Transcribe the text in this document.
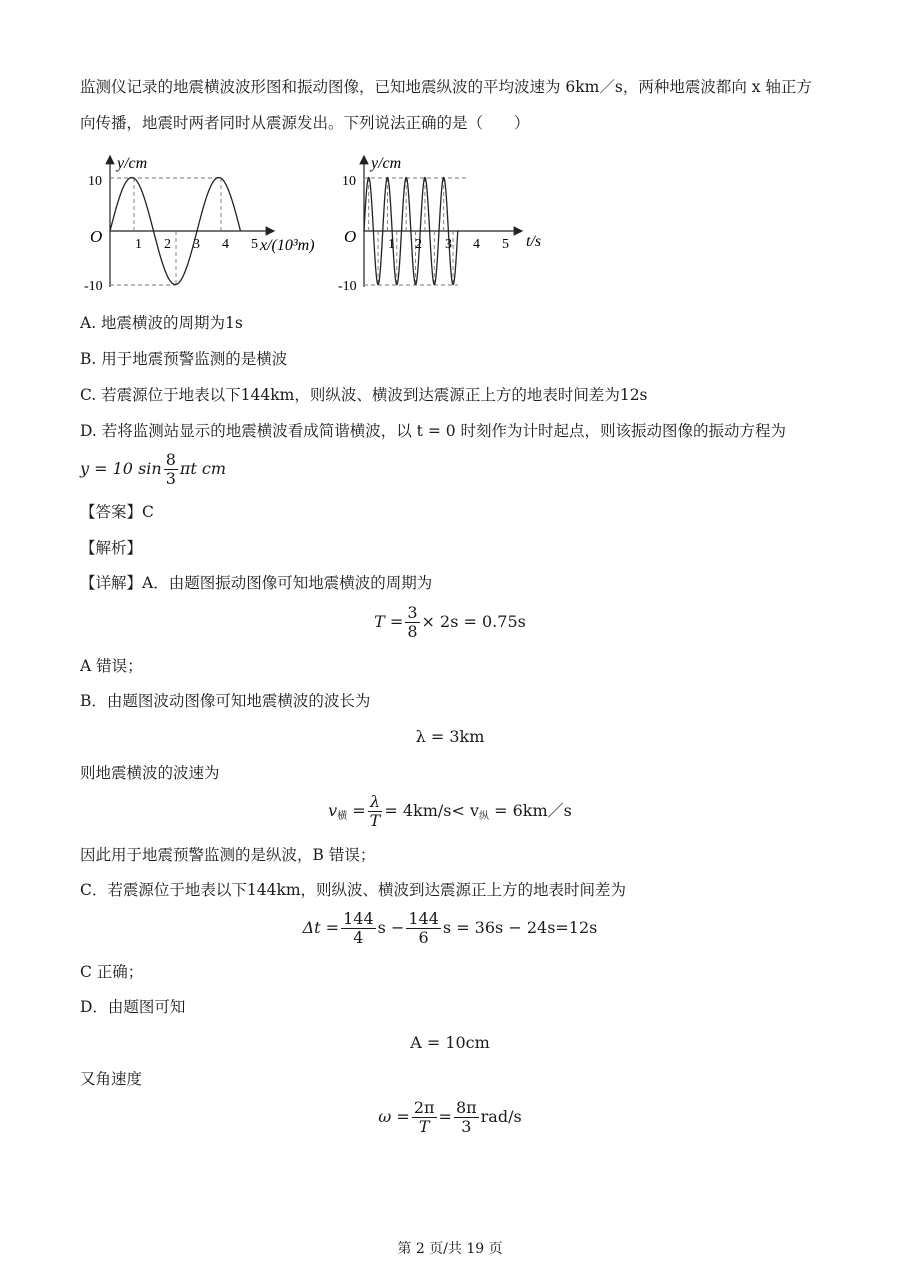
监测仪记录的地震横波波形图和振动图像，已知地震纵波的平均波速为 6km／s，两种地震波都向 x 轴正方
向传播，地震时两者同时从震源发出。下列说法正确的是（　　）
y/cm
x/(10³m)
O
10
-10
1 2 3 4 5
y/cm
t/s
O
10
-10
1 2 3 4 5
A. 地震横波的周期为1s
B. 用于地震预警监测的是横波
C. 若震源位于地表以下144km，则纵波、横波到达震源正上方的地表时间差为12s
D. 若将监测站显示的地震横波看成简谐横波，以 t = 0 时刻作为计时起点，则该振动图像的振动方程为
y = 10 $\sin \frac{8}{3}$ πt cm
【答案】C
【解析】
【详解】A．由题图振动图像可知地震横波的周期为
$T = \frac{3}{8} \times 2s = 0.75s$
A 错误；
B．由题图波动图像可知地震横波的波长为
λ = 3km
则地震横波的波速为
$v_横 = \frac{\lambda}{T} = 4km/s< v_纵$ = 6km／s
因此用于地震预警监测的是纵波，B 错误；
C．若震源位于地表以下144km，则纵波、横波到达震源正上方的地表时间差为
$\Delta t = \frac{144}{4}$ $s - \frac{144}{6}$ s = 36s − 24s=12s
C 正确；
D．由题图可知
A = 10cm
又角速度
$\omega = \frac{2\pi}{T} = \frac{8\pi}{3} rad/s$
第 2 页/共 19 页
